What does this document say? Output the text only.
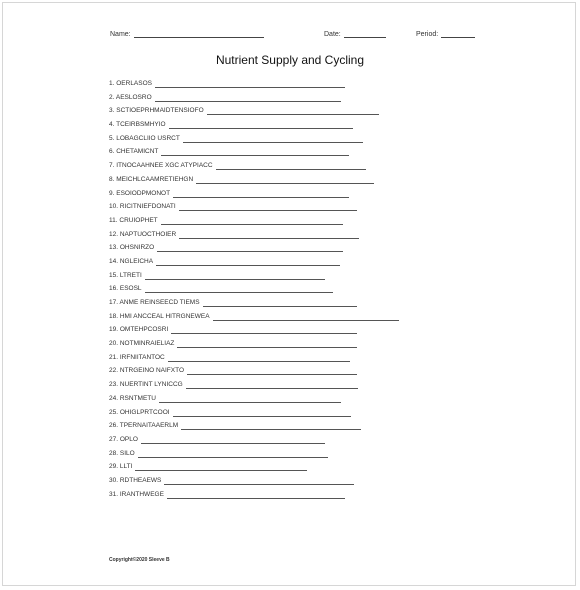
Name:	Date:	Period:
Nutrient Supply and Cycling
1. OERLASOS
2. AESLOSRO
3. SCTIOEPRHMAIDTENSIOFO
4. TCEIRBSMHYIO
5. LOBAGCLIIO USRCT
6. CHETAMICNT
7. ITNOCAAHNEE XGC ATYPIACC
8. MEICHLCAAMRETIEHGN
9. ESOIODPMONOT
10. RICITNIEFDONATI
11. CRUIOPHET
12. NAPTUOCTHOIER
13. OHSNIRZO
14. NGLEICHA
15. LTRETI
16. ESOSL
17. ANME REINSEECD TIEMS
18. HMI ANCCEAL HITRGNEWEA
19. OMTEHPCOSRI
20. NOTMINRAIELIAZ
21. IRFNIITANTOC
22. NTRGEINO NAIFXTO
23. NUERTINT LYNICCG
24. RSNTMETU
25. OHIGLPRTCOOI
26. TPERNAITAAERLM
27. OPLO
28. SILO
29. LLTI
30. RDTHEAEWS
31. IRANTHWEGE
Copyright©2020 Sleeve B
